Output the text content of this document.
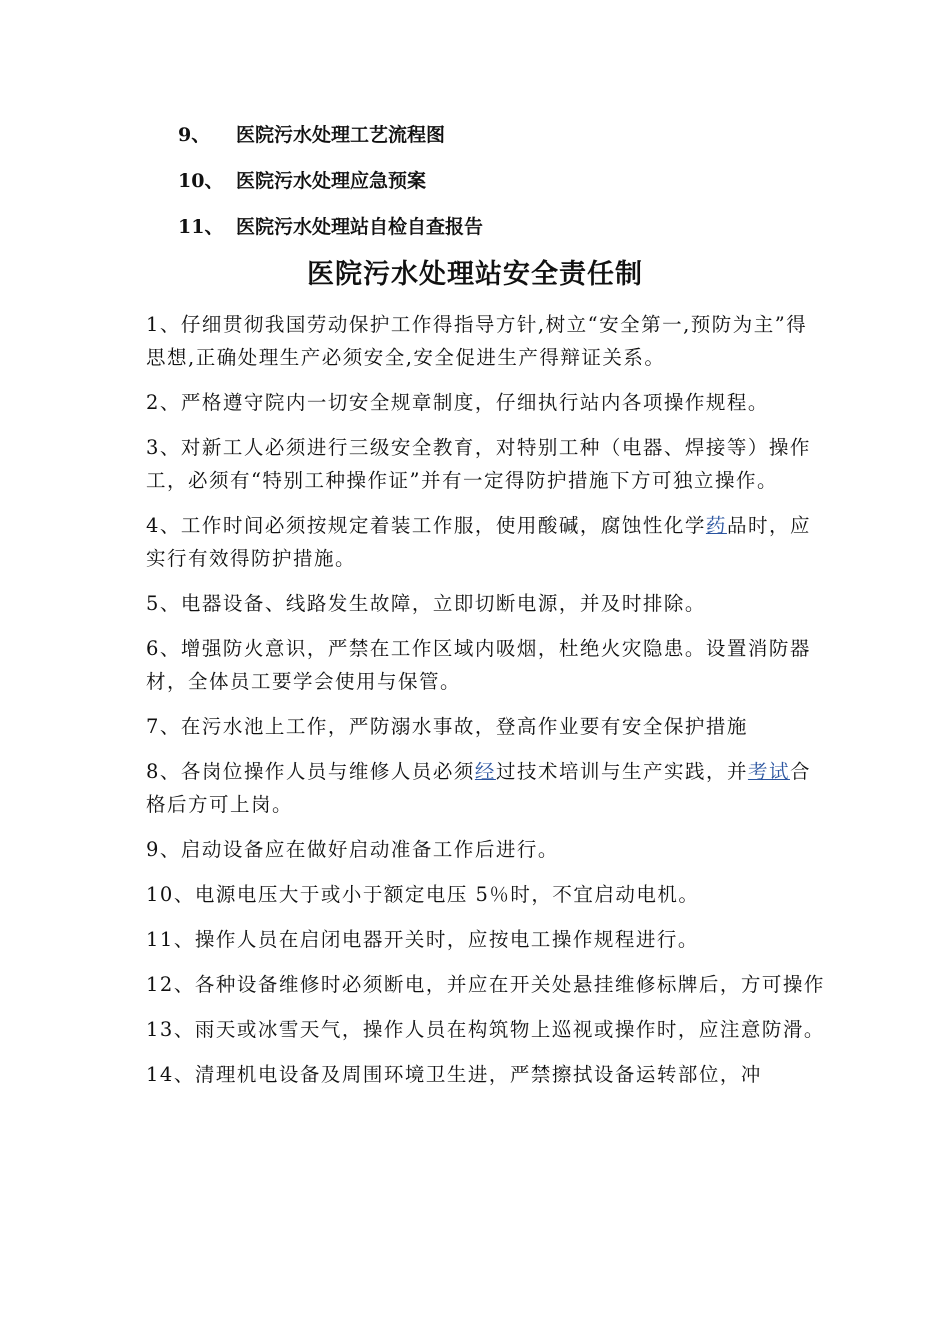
9、 医院污水处理工艺流程图
10、 医院污水处理应急预案
11、 医院污水处理站自检自查报告
医院污水处理站安全责任制

1、仔细贯彻我国劳动保护工作得指导方针,树立“安全第一,预防为主”得思想,正确处理生产必须安全,安全促进生产得辩证关系。

2、严格遵守院内一切安全规章制度，仔细执行站内各项操作规程。

3、对新工人必须进行三级安全教育，对特别工种（电器、焊接等）操作工，必须有“特别工种操作证”并有一定得防护措施下方可独立操作。

4、工作时间必须按规定着装工作服，使用酸碱，腐蚀性化学药品时，应实行有效得防护措施。

5、电器设备、线路发生故障，立即切断电源，并及时排除。

6、增强防火意识，严禁在工作区域内吸烟，杜绝火灾隐患。设置消防器材，全体员工要学会使用与保管。

7、在污水池上工作，严防溺水事故，登高作业要有安全保护措施

8、各岗位操作人员与维修人员必须经过技术培训与生产实践，并考试合格后方可上岗。

9、启动设备应在做好启动准备工作后进行。

10、电源电压大于或小于额定电压 5％时，不宜启动电机。

11、操作人员在启闭电器开关时，应按电工操作规程进行。

12、各种设备维修时必须断电，并应在开关处悬挂维修标牌后，方可操作

13、雨天或冰雪天气，操作人员在构筑物上巡视或操作时，应注意防滑。

14、清理机电设备及周围环境卫生进，严禁擦拭设备运转部位，冲
